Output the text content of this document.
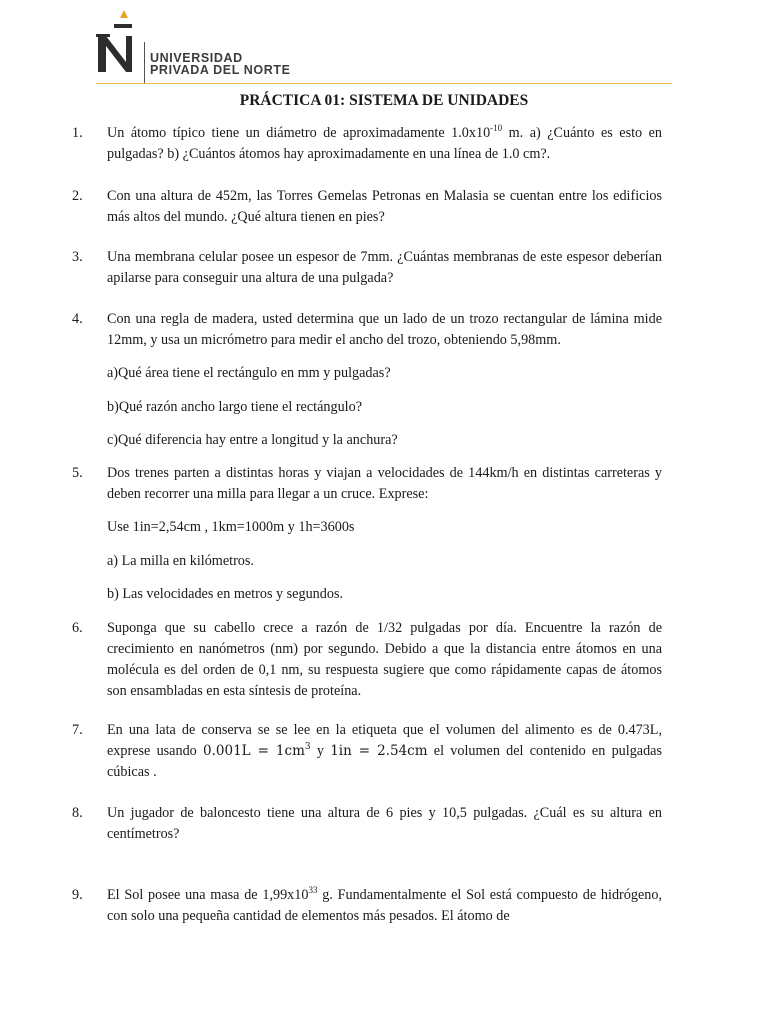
UNIVERSIDAD
PRIVADA DEL NORTE
PRÁCTICA 01: SISTEMA DE UNIDADES
1.	Un átomo típico tiene un diámetro de aproximadamente $1.0x10^{-10}$ m. a) ¿Cuánto es esto en pulgadas? b) ¿Cuántos átomos hay aproximadamente en una línea de 1.0 cm?.
2.	Con una altura de 452m, las Torres Gemelas Petronas en Malasia se cuentan entre los edificios más altos del mundo. ¿Qué altura tienen en pies?
3.	Una membrana celular posee un espesor de 7mm. ¿Cuántas membranas de este espesor deberían apilarse para conseguir una altura de una pulgada?
4.	Con una regla de madera, usted determina que un lado de un trozo rectangular de lámina mide 12mm, y usa un micrómetro para medir el ancho del trozo, obteniendo 5,98mm.
a)Qué área tiene el rectángulo en mm y pulgadas?
b)Qué razón ancho largo tiene el rectángulo?
c)Qué diferencia hay entre a longitud y la anchura?
5.	Dos trenes parten a distintas horas y viajan a velocidades de 144km/h en distintas carreteras y deben recorrer una milla para llegar a un cruce. Exprese:
Use 1in=2,54cm , 1km=1000m y 1h=3600s
a) La milla en kilómetros.
b) Las velocidades en metros y segundos.
6.	Suponga que su cabello crece a razón de 1/32 pulgadas por día. Encuentre la razón de crecimiento en nanómetros (nm) por segundo. Debido a que la distancia entre átomos en una molécula es del orden de 0,1 nm, su respuesta sugiere que como rápidamente capas de átomos son ensambladas en esta síntesis de proteína.
7.	En una lata de conserva se se lee en la etiqueta que el volumen del alimento es de 0.473L, exprese usando $0.001L = 1cm^3$ y 1in = 2.54cm el volumen del contenido en pulgadas cúbicas .
8.	Un jugador de baloncesto tiene una altura de 6 pies y 10,5 pulgadas. ¿Cuál es su altura en centímetros?
9.	El Sol posee una masa de $1,99x10^{33}$ g. Fundamentalmente el Sol está compuesto de hidrógeno, con solo una pequeña cantidad de elementos más pesados. El átomo de
